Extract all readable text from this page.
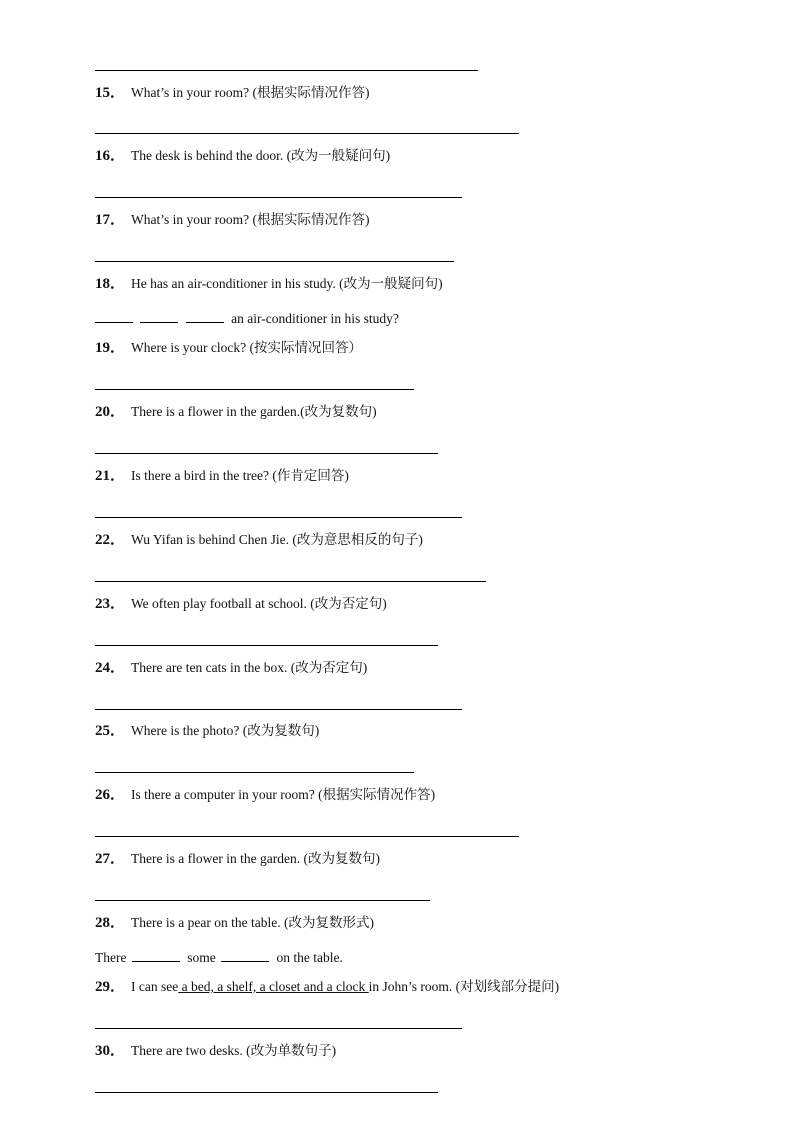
15． What’s in your room? (根据实际情况作答)
16． The desk is behind the door. (改为一般疑问句)
17． What’s in your room? (根据实际情况作答)
18． He has an air-conditioner in his study. (改为一般疑问句)
an air-conditioner in his study?
19． Where is your clock? (按实际情况回答）
20． There is a flower in the garden.(改为复数句)
21． Is there a bird in the tree? (作肯定回答)
22． Wu Yifan is behind Chen Jie. (改为意思相反的句子)
23． We often play football at school. (改为否定句)
24． There are ten cats in the box. (改为否定句)
25． Where is the photo? (改为复数句)
26． Is there a computer in your room? (根据实际情况作答)
27． There is a flower in the garden. (改为复数句)
28． There is a pear on the table. (改为复数形式)
There	some	on the table.
29． I can see a bed, a shelf, a closet and a clock in John’s room. (对划线部分提问)
30． There are two desks. (改为单数句子)
